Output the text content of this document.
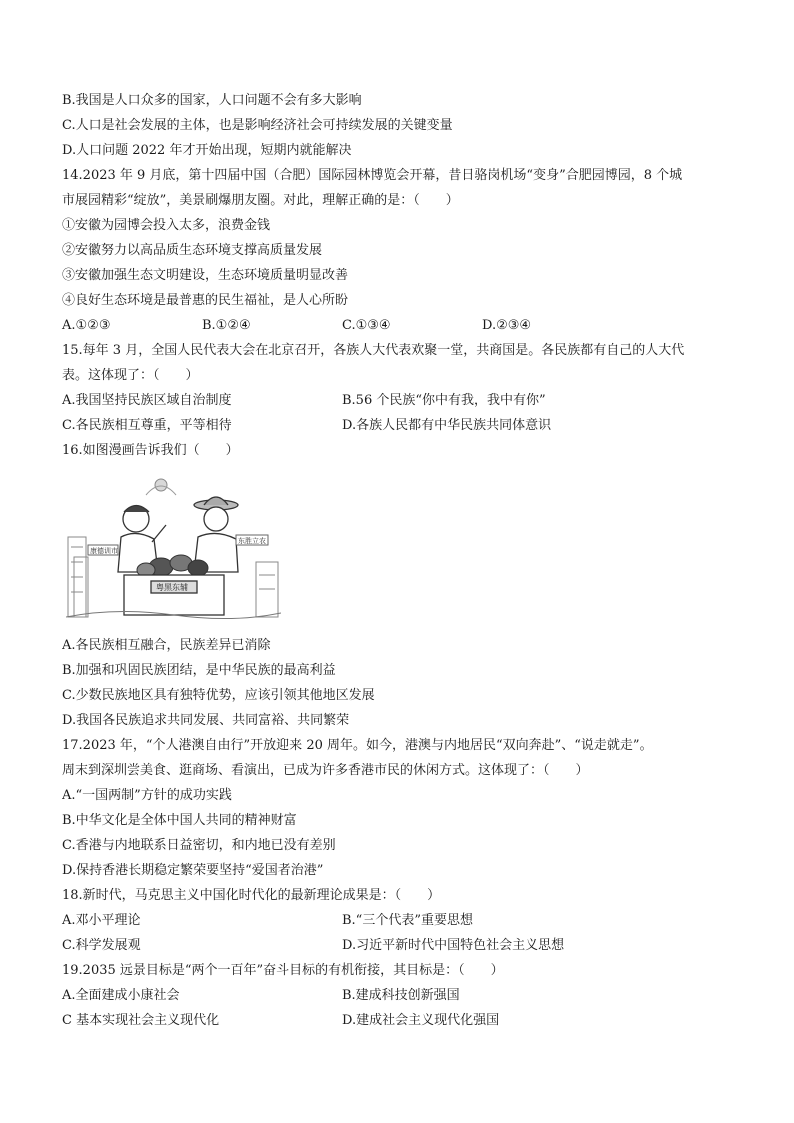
B.我国是人口众多的国家，人口问题不会有多大影响
C.人口是社会发展的主体，也是影响经济社会可持续发展的关键变量
D.人口问题 2022 年才开始出现，短期内就能解决
14.2023 年 9 月底，第十四届中国（合肥）国际园林博览会开幕，昔日骆岗机场“变身”合肥园博园，8 个城
市展园精彩“绽放”，美景刷爆朋友圈。对此，理解正确的是：（　　）
①安徽为园博会投入太多，浪费金钱
②安徽努力以高品质生态环境支撑高质量发展
③安徽加强生态文明建设，生态环境质量明显改善
④良好生态环境是最普惠的民生福祉，是人心所盼
A.①②③	B.①②④	C.①③④	D.②③④
15.每年 3 月，全国人民代表大会在北京召开，各族人大代表欢聚一堂，共商国是。各民族都有自己的人大代
表。这体现了：（　　）
A.我国坚持民族区域自治制度	B.56 个民族“你中有我，我中有你”
C.各民族相互尊重，平等相待	D.各族人民都有中华民族共同体意识
16.如图漫画告诉我们（　　）
康德训市
东胜立农
粤黑东辅
A.各民族相互融合，民族差异已消除
B.加强和巩固民族团结，是中华民族的最高利益
C.少数民族地区具有独特优势，应该引领其他地区发展
D.我国各民族追求共同发展、共同富裕、共同繁荣
17.2023 年，“个人港澳自由行”开放迎来 20 周年。如今，港澳与内地居民“双向奔赴”、“说走就走”。
周末到深圳尝美食、逛商场、看演出，已成为许多香港市民的休闲方式。这体现了：（　　）
A.“一国两制”方针的成功实践
B.中华文化是全体中国人共同的精神财富
C.香港与内地联系日益密切，和内地已没有差别
D.保持香港长期稳定繁荣要坚持“爱国者治港”
18.新时代，马克思主义中国化时代化的最新理论成果是：（　　）
A.邓小平理论	B.“三个代表”重要思想
C.科学发展观	D.习近平新时代中国特色社会主义思想
19.2035 远景目标是“两个一百年”奋斗目标的有机衔接，其目标是：（　　）
A.全面建成小康社会	B.建成科技创新强国
C 基本实现社会主义现代化	D.建成社会主义现代化强国
